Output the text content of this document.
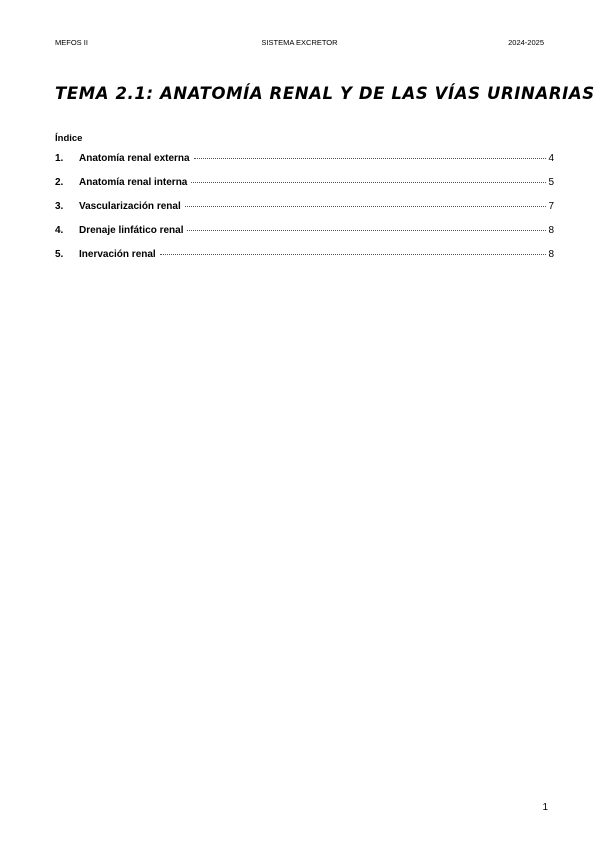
MEFOS II	SISTEMA EXCRETOR	2024-2025
TEMA 2.1: ANATOMÍA RENAL Y DE LAS VÍAS URINARIAS
Índice
1.	Anatomía renal externa	4
2.	Anatomía renal interna	5
3.	Vascularización renal	7
4.	Drenaje linfático renal	8
5.	Inervación renal	8
1
